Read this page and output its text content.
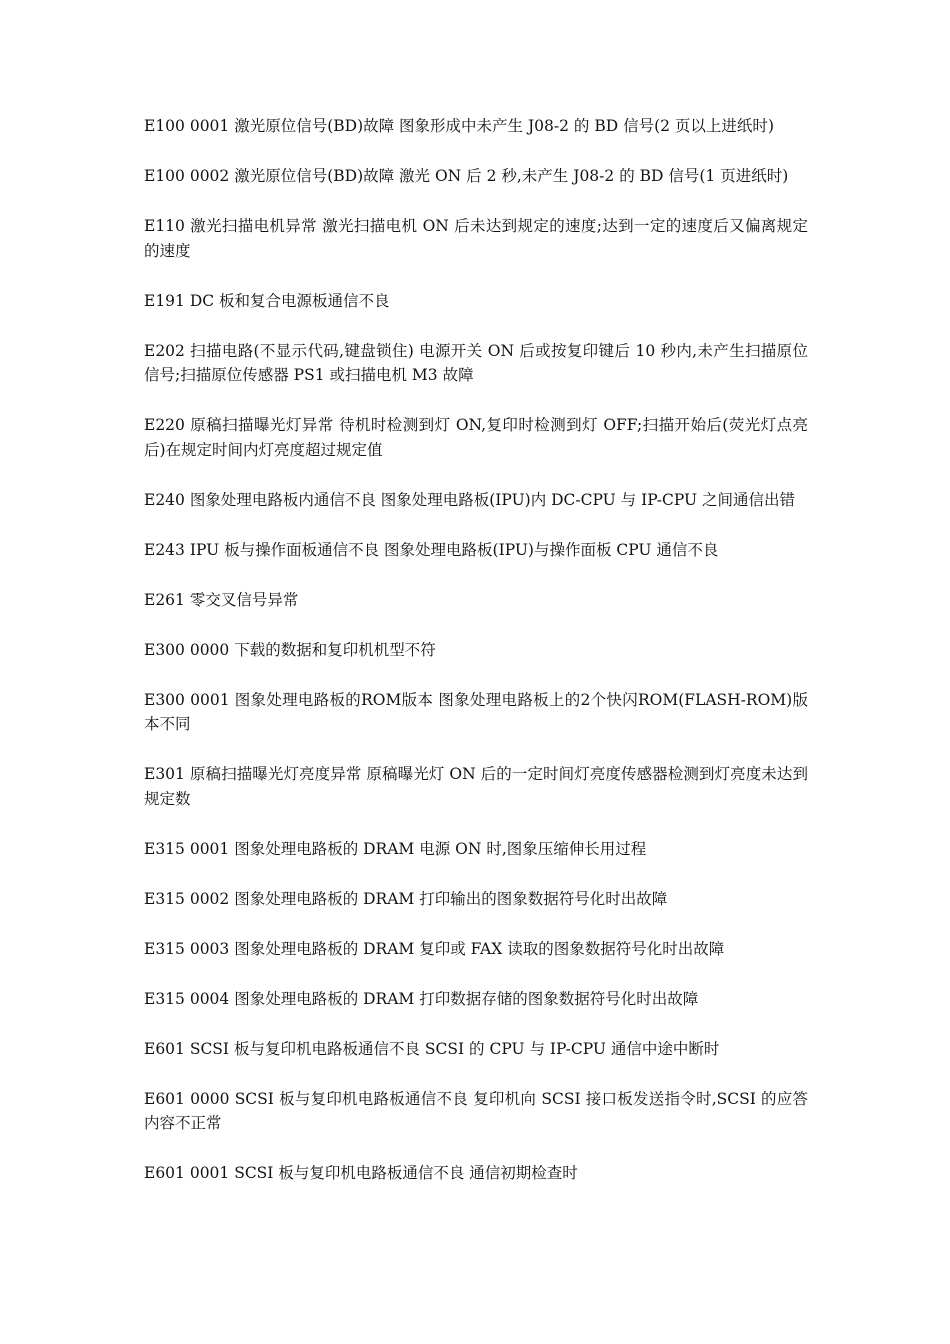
E100 0001 激光原位信号(BD)故障 图象形成中未产生 J08-2 的 BD 信号(2 页以上进纸时)

E100 0002 激光原位信号(BD)故障 激光 ON 后 2 秒,未产生 J08-2 的 BD 信号(1 页进纸时)

E110 激光扫描电机异常 激光扫描电机 ON 后未达到规定的速度;达到一定的速度后又偏离规定的速度

E191 DC 板和复合电源板通信不良

E202 扫描电路(不显示代码,键盘锁住) 电源开关 ON 后或按复印键后 10 秒内,未产生扫描原位信号;扫描原位传感器 PS1 或扫描电机 M3 故障

E220 原稿扫描曝光灯异常 待机时检测到灯 ON,复印时检测到灯 OFF;扫描开始后(荧光灯点亮后)在规定时间内灯亮度超过规定值

E240 图象处理电路板内通信不良 图象处理电路板(IPU)内 DC-CPU 与 IP-CPU 之间通信出错

E243 IPU 板与操作面板通信不良 图象处理电路板(IPU)与操作面板 CPU 通信不良

E261 零交叉信号异常

E300 0000 下载的数据和复印机机型不符

E300 0001 图象处理电路板的ROM版本 图象处理电路板上的2个快闪ROM(FLASH-ROM)版本不同

E301 原稿扫描曝光灯亮度异常 原稿曝光灯 ON 后的一定时间灯亮度传感器检测到灯亮度未达到规定数

E315 0001 图象处理电路板的 DRAM 电源 ON 时,图象压缩伸长用过程

E315 0002 图象处理电路板的 DRAM 打印输出的图象数据符号化时出故障

E315 0003 图象处理电路板的 DRAM 复印或 FAX 读取的图象数据符号化时出故障

E315 0004 图象处理电路板的 DRAM 打印数据存储的图象数据符号化时出故障

E601 SCSI 板与复印机电路板通信不良 SCSI 的 CPU 与 IP-CPU 通信中途中断时

E601 0000 SCSI 板与复印机电路板通信不良 复印机向 SCSI 接口板发送指令时,SCSI 的应答内容不正常

E601 0001 SCSI 板与复印机电路板通信不良 通信初期检查时
